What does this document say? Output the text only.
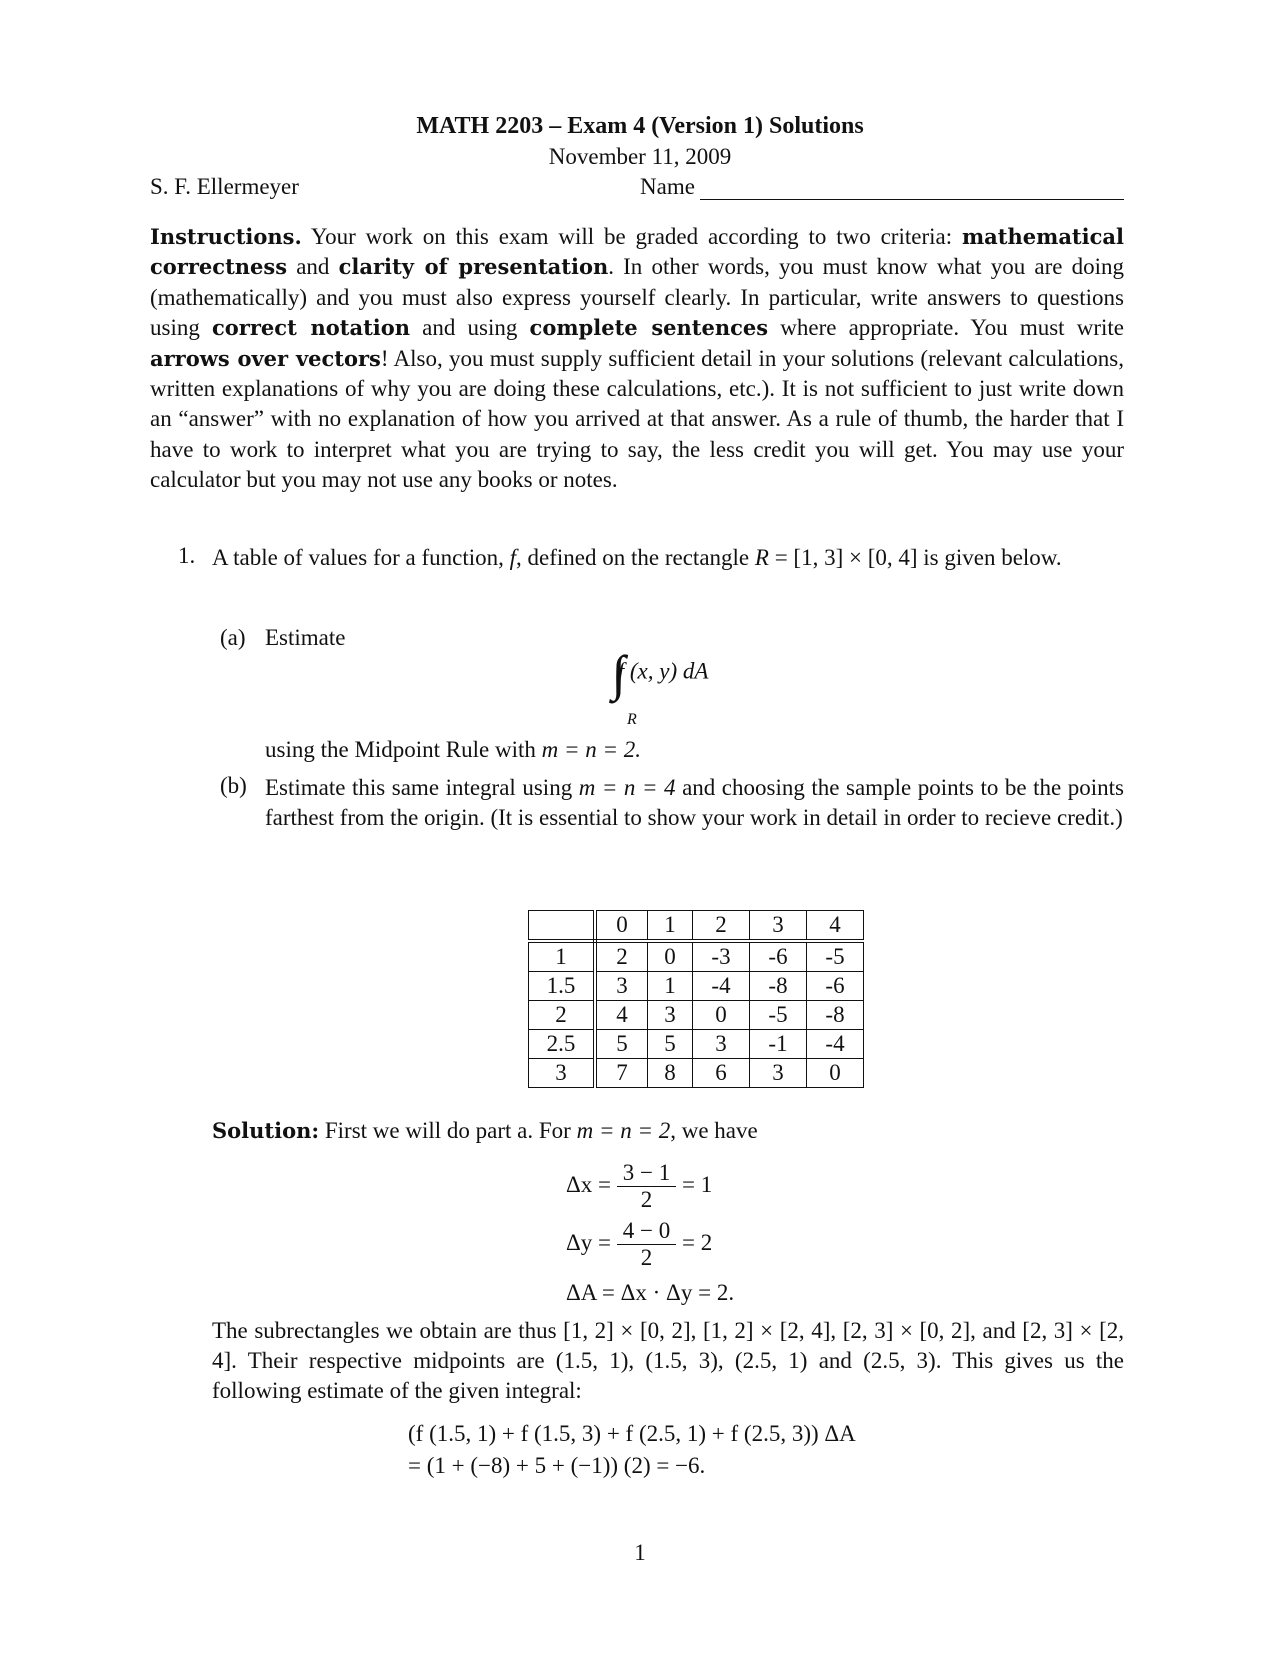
MATH 2203 – Exam 4 (Version 1) Solutions
November 11, 2009
S. F. Ellermeyer	Name
Instructions. Your work on this exam will be graded according to two criteria: mathematical correctness and clarity of presentation. In other words, you must know what you are doing (mathematically) and you must also express yourself clearly. In particular, write answers to questions using correct notation and using complete sentences where appropriate. You must write arrows over vectors! Also, you must supply sufficient detail in your solutions (relevant calculations, written explanations of why you are doing these calculations, etc.). It is not sufficient to just write down an “answer” with no explanation of how you arrived at that answer. As a rule of thumb, the harder that I have to work to interpret what you are trying to say, the less credit you will get. You may use your calculator but you may not use any books or notes.
1. A table of values for a function, f, defined on the rectangle R = [1, 3] × [0, 4] is given below.
(a) Estimate
f (x, y) dA
R
using the Midpoint Rule with m = n = 2.
(b) Estimate this same integral using m = n = 4 and choosing the sample points to be the points farthest from the origin. (It is essential to show your work in detail in order to recieve credit.)
	0	1	2	3	4
1	2	0	-3	-6	-5
1.5	3	1	-4	-8	-6
2	4	3	0	-5	-8
2.5	5	5	3	-1	-4
3	7	8	6	3	0
Solution: First we will do part a. For m = n = 2, we have
$\Delta x = \frac{3 - 1}{2} = 1$
$\Delta y = \frac{4 - 0}{2} = 2$
ΔA = Δx · Δy = 2.
The subrectangles we obtain are thus [1, 2] × [0, 2], [1, 2] × [2, 4], [2, 3] × [0, 2], and [2, 3] × [2, 4]. Their respective midpoints are (1.5, 1), (1.5, 3), (2.5, 1) and (2.5, 3). This gives us the following estimate of the given integral:
(f (1.5, 1) + f (1.5, 3) + f (2.5, 1) + f (2.5, 3)) ΔA
= (1 + (−8) + 5 + (−1)) (2) = −6.
1
